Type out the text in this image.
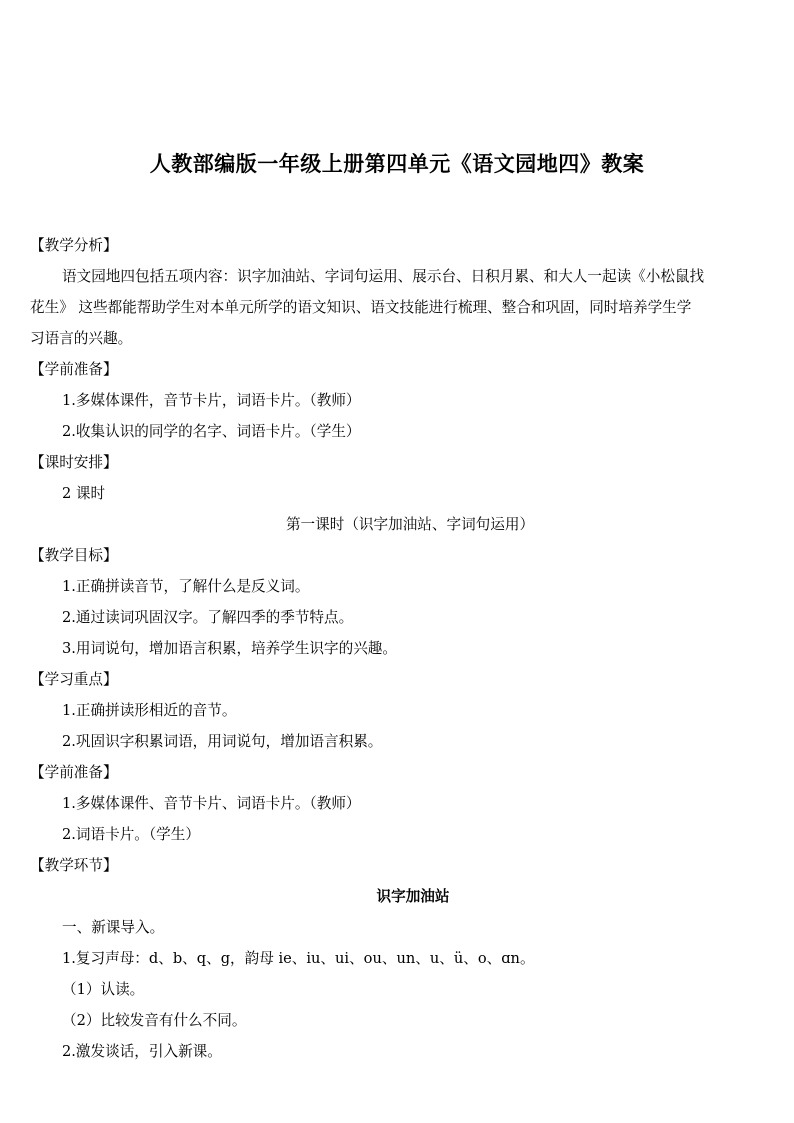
人教部编版一年级上册第四单元《语文园地四》教案
【教学分析】
语文园地四包括五项内容：识字加油站、字词句运用、展示台、日积月累、和大人一起读《小松鼠找
花生》 这些都能帮助学生对本单元所学的语文知识、语文技能进行梳理、整合和巩固，同时培养学生学
习语言的兴趣。
【学前准备】
1.多媒体课件，音节卡片，词语卡片。（教师）
2.收集认识的同学的名字、词语卡片。（学生）
【课时安排】
2 课时
第一课时（识字加油站、字词句运用）
【教学目标】
1.正确拼读音节，了解什么是反义词。
2.通过读词巩固汉字。了解四季的季节特点。
3.用词说句，增加语言积累，培养学生识字的兴趣。
【学习重点】
1.正确拼读形相近的音节。
2.巩固识字积累词语，用词说句，增加语言积累。
【学前准备】
1.多媒体课件、音节卡片、词语卡片。（教师）
2.词语卡片。（学生）
【教学环节】
识字加油站
一、新课导入。
1.复习声母：d、b、q、g，韵母 ie、iu、ui、ou、un、u、ü、o、ɑn。
（1）认读。
（2）比较发音有什么不同。
2.激发谈话，引入新课。
